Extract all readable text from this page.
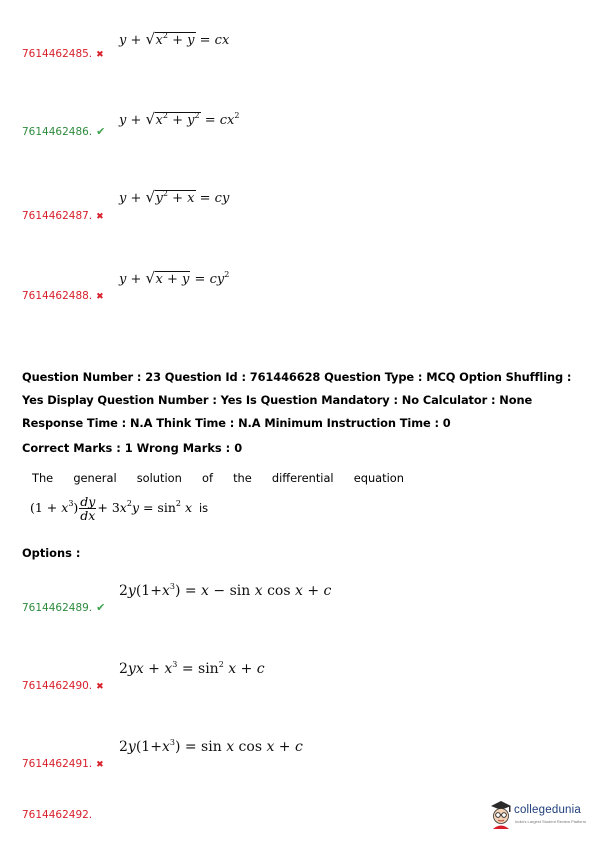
y + √ $x^2 + y$ = cx
7614462485. ✖
y + √ $x^2 + y^2 = cx^2$
7614462486. ✔
y + √ $y^2 + x$ = cy
7614462487. ✖
y + √ $x + y = cy^2$
7614462488. ✖
Question Number : 23 Question Id : 761446628 Question Type : MCQ Option Shuffling : Yes Display Question Number : Yes Is Question Mandatory : No Calculator : None Response Time : N.A Think Time : N.A Minimum Instruction Time : 0
Correct Marks : 1 Wrong Marks : 0
The general solution of the differential equation
$(1 + x^3) \frac{dy}{dx} + 3x^2y = \sin^2 x$ is
Options :
$2y(1+x^3) = x - \sin x$ cos x + c
7614462489. ✔
$2yx + x^3 = \sin^2 x + c$
7614462490. ✖
$2y(1+x^3) = \sin x$ cos x + c
7614462491. ✖
7614462492.	collegedunia
India's Largest Student Review Platform
